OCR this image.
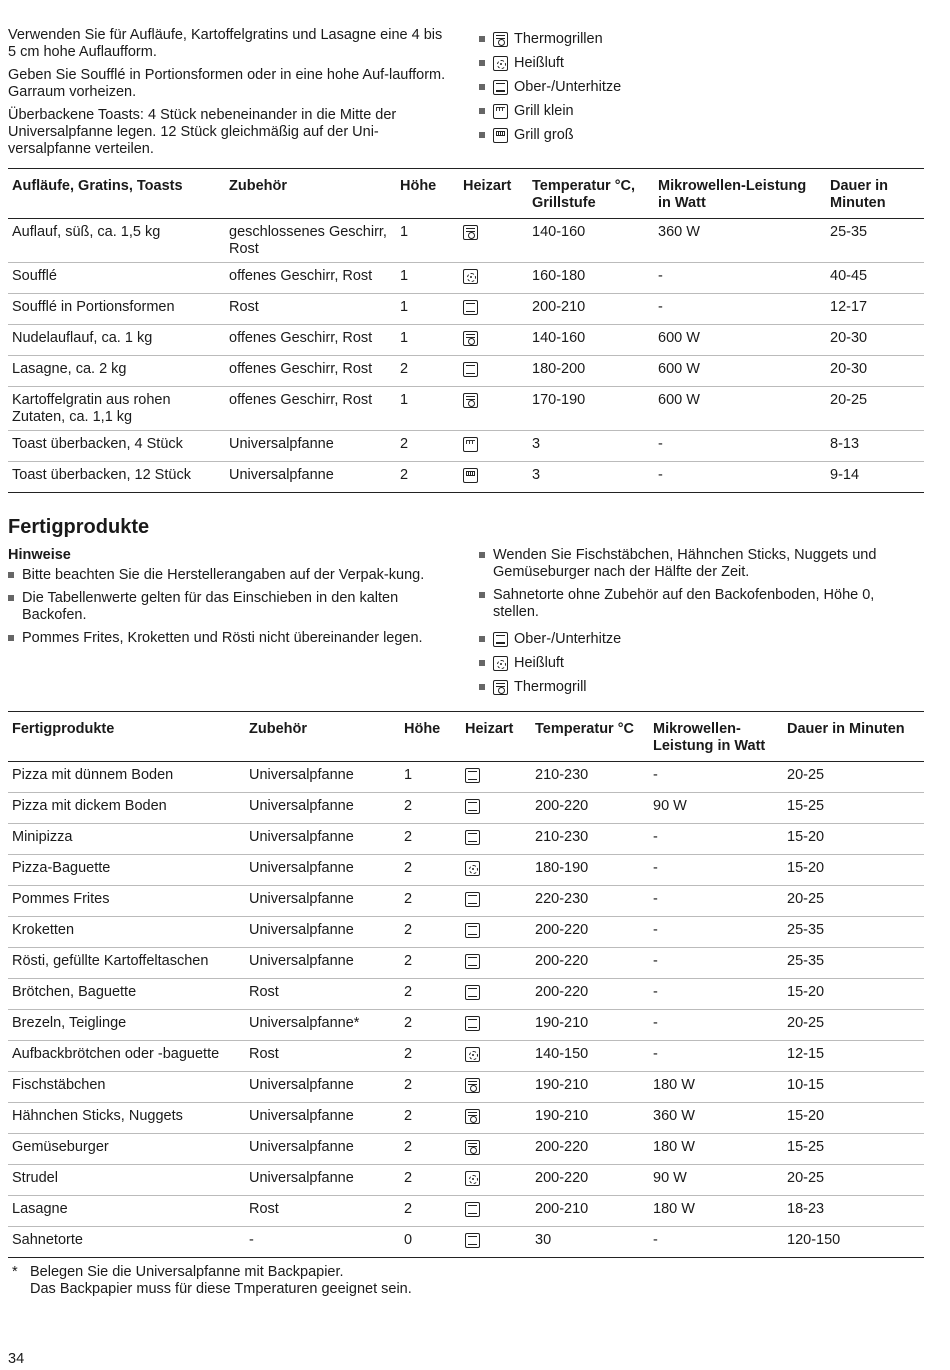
Verwenden Sie für Aufläufe, Kartoffelgratins und Lasagne eine 4 bis 5 cm hohe Auflaufform.

Geben Sie Soufflé in Portionsformen oder in eine hohe Auf-laufform. Garraum vorheizen.

Überbackene Toasts: 4 Stück nebeneinander in die Mitte der Universalpfanne legen. 12 Stück gleichmäßig auf der Uni-versalpfanne verteilen.

Thermogrillen
Heißluft
Ober-/Unterhitze
Grill klein
Grill groß
Aufläufe, Gratins, Toasts	Zubehör	Höhe	Heizart	Temperatur °C, Grillstufe	Mikrowellen-Leistung in Watt	Dauer in Minuten
Auflauf, süß, ca. 1,5 kg	geschlossenes Geschirr, Rost	1		140-160	360 W	25-35
Soufflé	offenes Geschirr, Rost	1		160-180	-	40-45
Soufflé in Portionsformen	Rost	1		200-210	-	12-17
Nudelauflauf, ca. 1 kg	offenes Geschirr, Rost	1		140-160	600 W	20-30
Lasagne, ca. 2 kg	offenes Geschirr, Rost	2		180-200	600 W	20-30
Kartoffelgratin aus rohen Zutaten, ca. 1,1 kg	offenes Geschirr, Rost	1		170-190	600 W	20-25
Toast überbacken, 4 Stück	Universalpfanne	2		3	-	8-13
Toast überbacken, 12 Stück	Universalpfanne	2		3	-	9-14
Fertigprodukte
Hinweise
Bitte beachten Sie die Herstellerangaben auf der Verpak-kung.
Die Tabellenwerte gelten für das Einschieben in den kalten Backofen.
Pommes Frites, Kroketten und Rösti nicht übereinander legen.
Wenden Sie Fischstäbchen, Hähnchen Sticks, Nuggets und Gemüseburger nach der Hälfte der Zeit.
Sahnetorte ohne Zubehör auf den Backofenboden, Höhe 0, stellen.
Ober-/Unterhitze
Heißluft
Thermogrill
Fertigprodukte	Zubehör	Höhe	Heizart	Temperatur °C	Mikrowellen-Leistung in Watt	Dauer in Minuten
Pizza mit dünnem Boden	Universalpfanne	1		210-230	-	20-25
Pizza mit dickem Boden	Universalpfanne	2		200-220	90 W	15-25
Minipizza	Universalpfanne	2		210-230	-	15-20
Pizza-Baguette	Universalpfanne	2		180-190	-	15-20
Pommes Frites	Universalpfanne	2		220-230	-	20-25
Kroketten	Universalpfanne	2		200-220	-	25-35
Rösti, gefüllte Kartoffeltaschen	Universalpfanne	2		200-220	-	25-35
Brötchen, Baguette	Rost	2		200-220	-	15-20
Brezeln, Teiglinge	Universalpfanne*	2		190-210	-	20-25
Aufbackbrötchen oder -baguette	Rost	2		140-150	-	12-15
Fischstäbchen	Universalpfanne	2		190-210	180 W	10-15
Hähnchen Sticks, Nuggets	Universalpfanne	2		190-210	360 W	15-20
Gemüseburger	Universalpfanne	2		200-220	180 W	15-25
Strudel	Universalpfanne	2		200-220	90 W	20-25
Lasagne	Rost	2		200-210	180 W	18-23
Sahnetorte	-	0		30	-	120-150
* Belegen Sie die Universalpfanne mit Backpapier.
Das Backpapier muss für diese Tmperaturen geeignet sein.
34
